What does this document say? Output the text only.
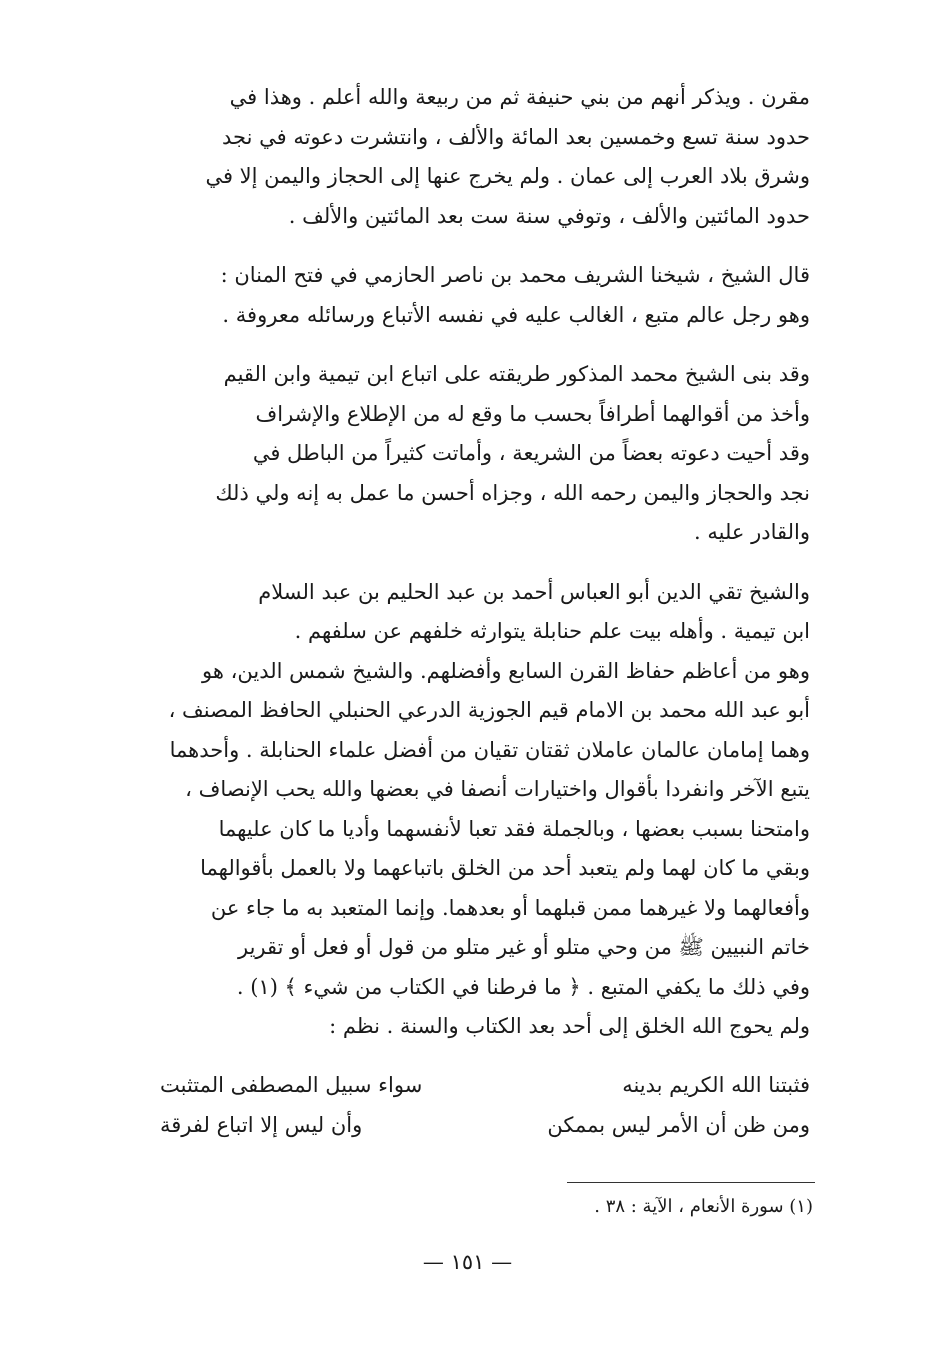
مقرن . ويذكر أنهم من بني حنيفة ثم من ربيعة والله أعلم . وهذا في
حدود سنة تسع وخمسين بعد المائة والألف ، وانتشرت دعوته في نجد
وشرق بلاد العرب إلى عمان . ولم يخرج عنها إلى الحجاز واليمن إلا في
حدود المائتين والألف ، وتوفي سنة ست بعد المائتين والألف .

قال الشيخ ، شيخنا الشريف محمد بن ناصر الحازمي في فتح المنان :
وهو رجل عالم متبع ، الغالب عليه في نفسه الأتباع ورسائله معروفة .

وقد بنى الشيخ محمد المذكور طريقته على اتباع ابن تيمية وابن القيم
وأخذ من أقوالهما أطرافاً بحسب ما وقع له من الإطلاع والإشراف
وقد أحيت دعوته بعضاً من الشريعة ، وأماتت كثيراً من الباطل في
نجد والحجاز واليمن رحمه الله ، وجزاه أحسن ما عمل به إنه ولي ذلك
والقادر عليه .

والشيخ تقي الدين أبو العباس أحمد بن عبد الحليم بن عبد السلام
ابن تيمية . وأهله بيت علم حنابلة يتوارثه خلفهم عن سلفهم .
وهو من أعاظم حفاظ القرن السابع وأفضلهم. والشيخ شمس الدين، هو
أبو عبد الله محمد بن الامام قيم الجوزية الدرعي الحنبلي الحافظ المصنف ،
وهما إمامان عالمان عاملان ثقتان تقيان من أفضل علماء الحنابلة . وأحدهما
يتبع الآخر وانفردا بأقوال واختيارات أنصفا في بعضها والله يحب الإنصاف ،
وامتحنا بسبب بعضها ، وبالجملة فقد تعبا لأنفسهما وأديا ما كان عليهما
وبقي ما كان لهما ولم يتعبد أحد من الخلق باتباعهما ولا بالعمل بأقوالهما
وأفعالهما ولا غيرهما ممن قبلهما أو بعدهما. وإنما المتعبد به ما جاء عن
خاتم النبيين ﷺ من وحي متلو أو غير متلو من قول أو فعل أو تقرير
وفي ذلك ما يكفي المتبع . ﴿ ما فرطنا في الكتاب من شيء ﴾ (١) .
ولم يحوج الله الخلق إلى أحد بعد الكتاب والسنة . نظم :

فثبتنا الله الكريم بدينه
سواء سبيل المصطفى المتثبت
ومن ظن أن الأمر ليس بممكن
وأن ليس إلا اتباع لفرقة
(١) سورة الأنعام ، الآية : ٣٨ .
— ١٥١ —
